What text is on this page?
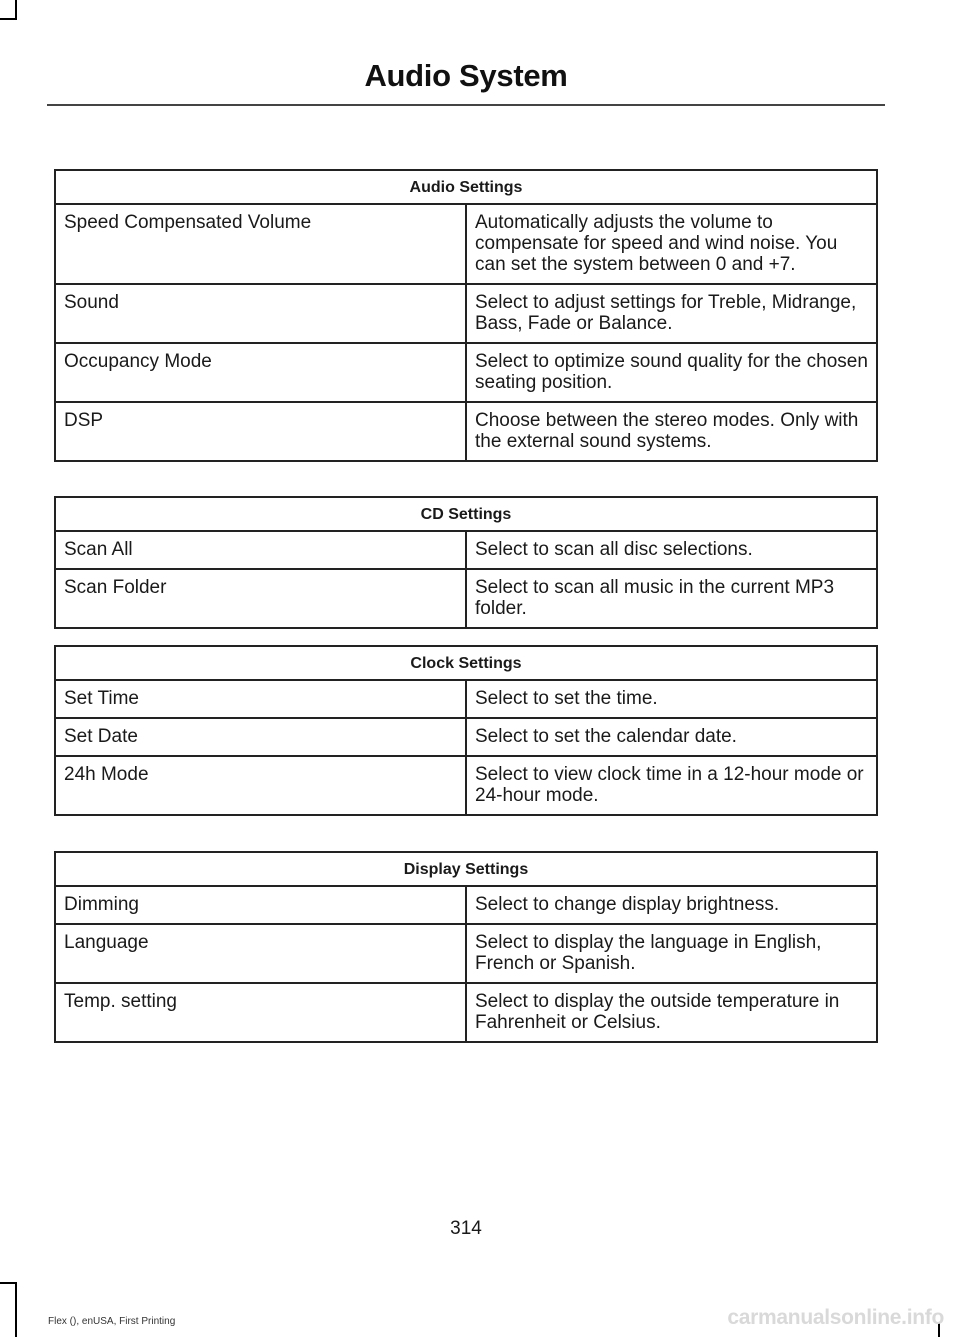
Audio System
Audio Settings	
Speed Compensated Volume	Automatically adjusts the volume to compensate for speed and wind noise. You can set the system between 0 and +7.
Sound	Select to adjust settings for Treble, Midrange, Bass, Fade or Balance.
Occupancy Mode	Select to optimize sound quality for the chosen seating position.
DSP	Choose between the stereo modes. Only with the external sound systems.
CD Settings	
Scan All	Select to scan all disc selections.
Scan Folder	Select to scan all music in the current MP3 folder.
Clock Settings	
Set Time	Select to set the time.
Set Date	Select to set the calendar date.
24h Mode	Select to view clock time in a 12-hour mode or 24-hour mode.
Display Settings	
Dimming	Select to change display brightness.
Language	Select to display the language in English, French or Spanish.
Temp. setting	Select to display the outside temperature in Fahrenheit or Celsius.
314
Flex (), enUSA, First Printing	carmanualsonline.info
